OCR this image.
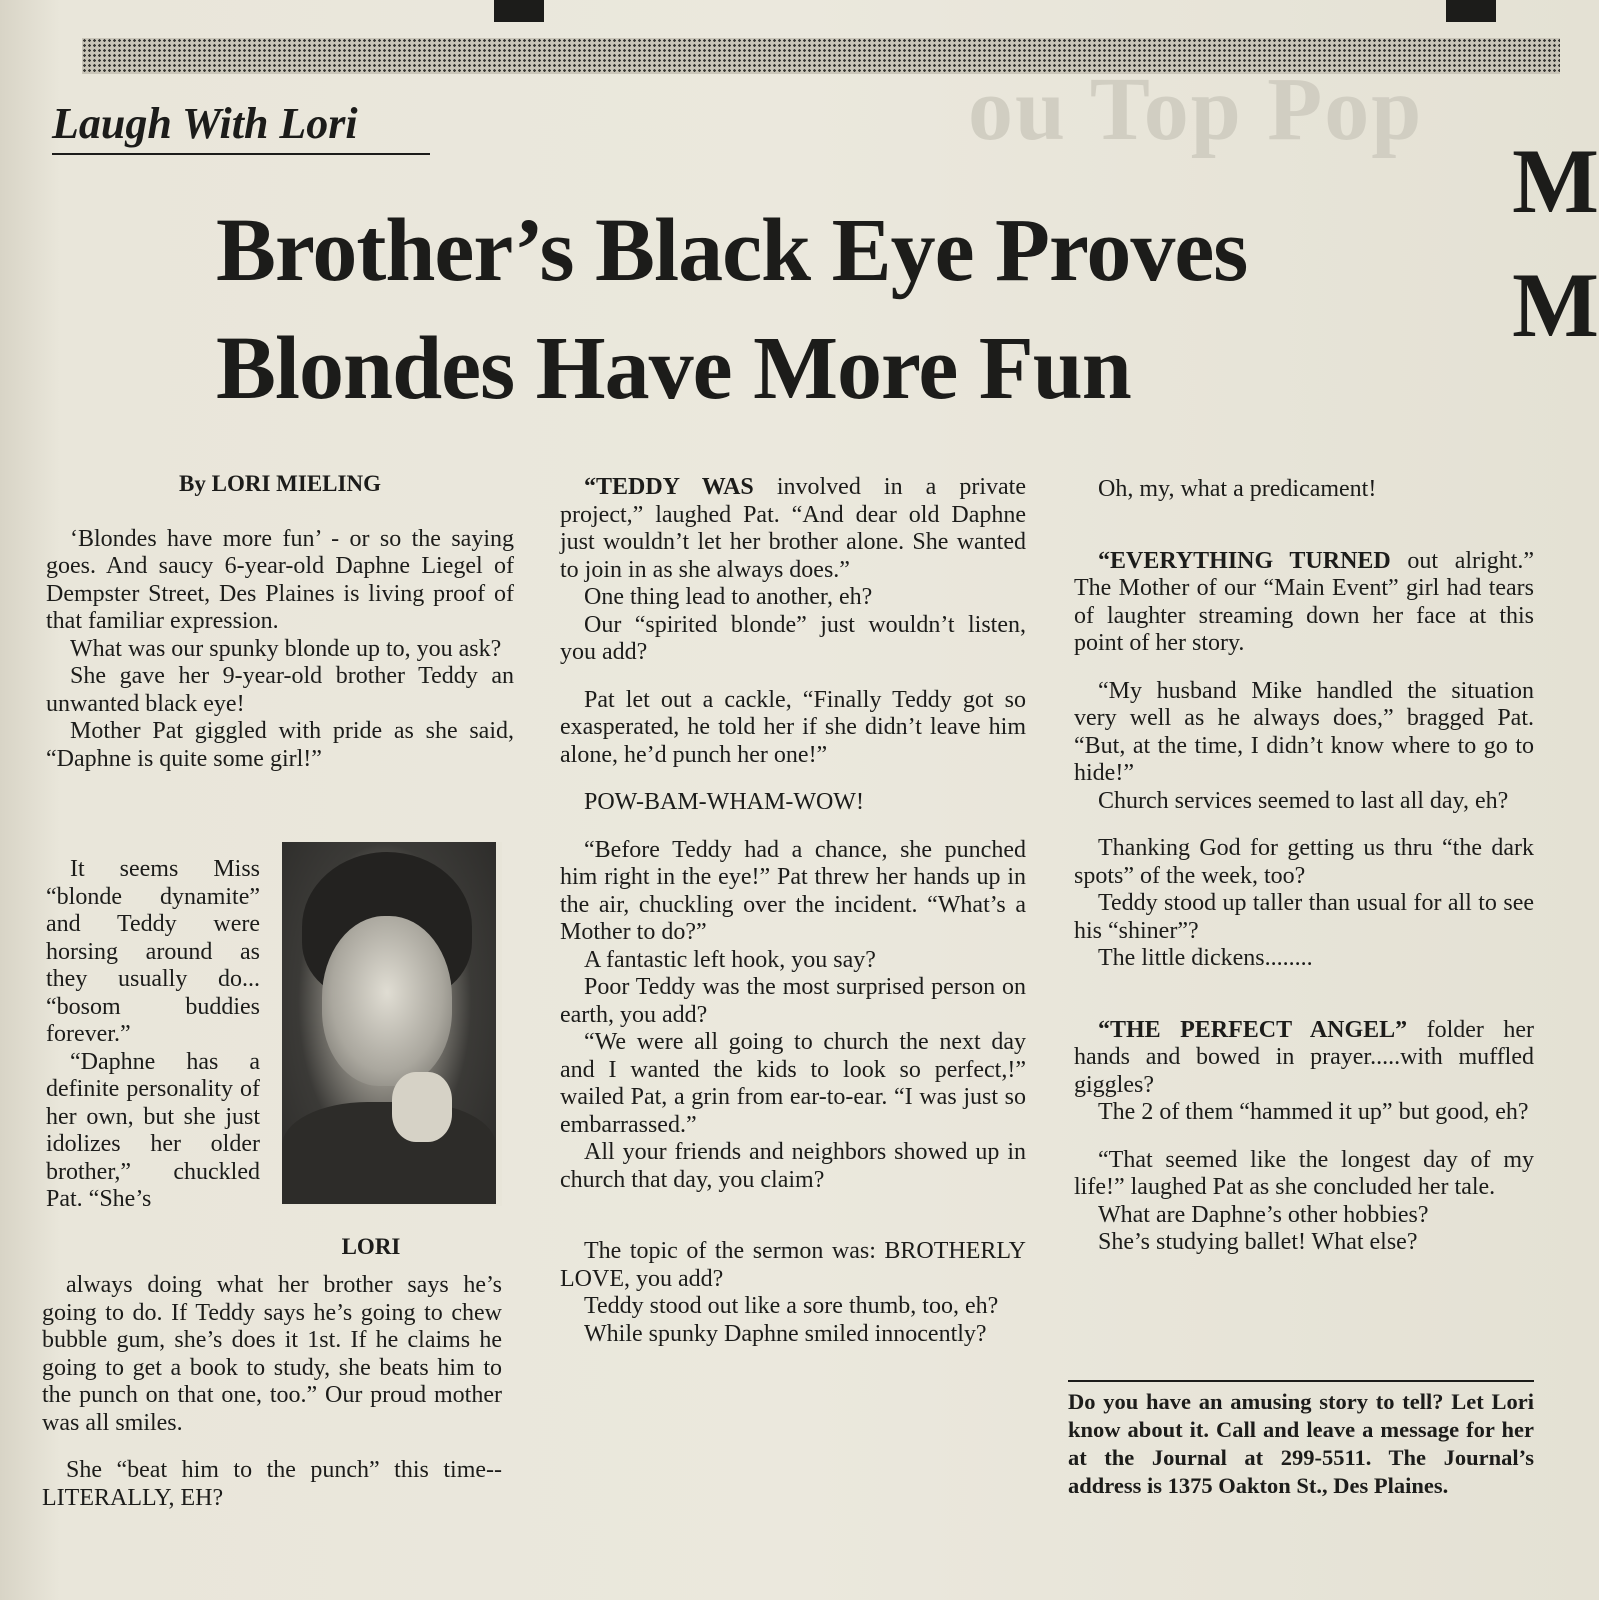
ou Top Pop
M
M
Laugh With Lori
Brother’s Black Eye Proves Blondes Have More Fun

By LORI MIELING

‘Blondes have more fun’ - or so the saying goes. And saucy 6-year-old Daphne Liegel of Dempster Street, Des Plaines is living proof of that familiar expression.

What was our spunky blonde up to, you ask?

She gave her 9-year-old brother Teddy an unwanted black eye!

Mother Pat giggled with pride as she said, “Daphne is quite some girl!”

It seems Miss “blonde dynamite” and Teddy were horsing around as they usually do... “bosom buddies forever.”

“Daphne has a definite personality of her own, but she just idolizes her older brother,” chuckled Pat. “She’s

always doing what her brother says he’s going to do. If Teddy says he’s going to chew bubble gum, she’s does it 1st. If he claims he going to get a book to study, she beats him to the punch on that one, too.” Our proud mother was all smiles.

She “beat him to the punch” this time--LITERALLY, EH?

LORI

“TEDDY WAS involved in a private project,” laughed Pat. “And dear old Daphne just wouldn’t let her brother alone. She wanted to join in as she always does.”

One thing lead to another, eh?

Our “spirited blonde” just wouldn’t listen, you add?

Pat let out a cackle, “Finally Teddy got so exasperated, he told her if she didn’t leave him alone, he’d punch her one!”

POW-BAM-WHAM-WOW!

“Before Teddy had a chance, she punched him right in the eye!” Pat threw her hands up in the air, chuckling over the incident. “What’s a Mother to do?”

A fantastic left hook, you say?

Poor Teddy was the most surprised person on earth, you add?

“We were all going to church the next day and I wanted the kids to look so perfect,!” wailed Pat, a grin from ear-to-ear. “I was just so embarrassed.”

All your friends and neighbors showed up in church that day, you claim?

The topic of the sermon was: BROTHERLY LOVE, you add?

Teddy stood out like a sore thumb, too, eh?

While spunky Daphne smiled innocently?

Oh, my, what a predicament!

“EVERYTHING TURNED out alright.” The Mother of our “Main Event” girl had tears of laughter streaming down her face at this point of her story.

“My husband Mike handled the situation very well as he always does,” bragged Pat. “But, at the time, I didn’t know where to go to hide!”

Church services seemed to last all day, eh?

Thanking God for getting us thru “the dark spots” of the week, too?

Teddy stood up taller than usual for all to see his “shiner”?

The little dickens........

“THE PERFECT ANGEL” folder her hands and bowed in prayer.....with muffled giggles?

The 2 of them “hammed it up” but good, eh?

“That seemed like the longest day of my life!” laughed Pat as she concluded her tale.

What are Daphne’s other hobbies?

She’s studying ballet! What else?

Do you have an amusing story to tell? Let Lori know about it. Call and leave a message for her at the Journal at 299-5511. The Journal’s address is 1375 Oakton St., Des Plaines.
